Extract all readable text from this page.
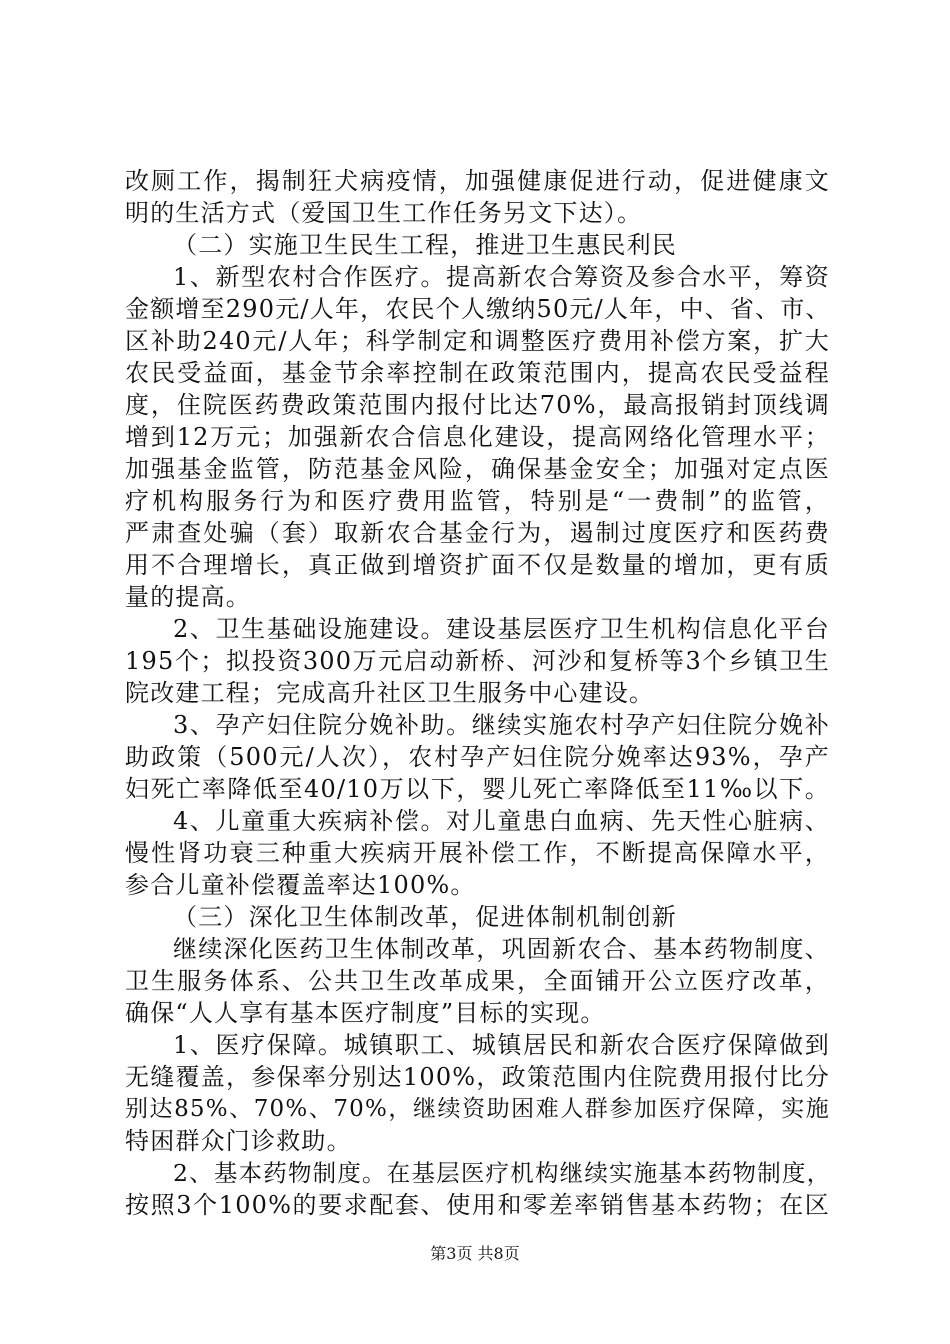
改厕工作，揭制狂犬病疫情，加强健康促进行动，促进健康文
明的生活方式（爱国卫生工作任务另文下达）。
（二）实施卫生民生工程，推进卫生惠民利民
1、新型农村合作医疗。提高新农合筹资及参合水平，筹资
金额增至290元/人年，农民个人缴纳50元/人年，中、省、市、
区补助240元/人年；科学制定和调整医疗费用补偿方案，扩大
农民受益面，基金节余率控制在政策范围内，提高农民受益程
度，住院医药费政策范围内报付比达70%，最高报销封顶线调
增到12万元；加强新农合信息化建设，提高网络化管理水平；
加强基金监管，防范基金风险，确保基金安全；加强对定点医
疗机构服务行为和医疗费用监管，特别是“一费制”的监管，
严肃查处骗（套）取新农合基金行为，遏制过度医疗和医药费
用不合理增长，真正做到增资扩面不仅是数量的增加，更有质
量的提高。
2、卫生基础设施建设。建设基层医疗卫生机构信息化平台
195个；拟投资300万元启动新桥、河沙和复桥等3个乡镇卫生
院改建工程；完成高升社区卫生服务中心建设。
3、孕产妇住院分娩补助。继续实施农村孕产妇住院分娩补
助政策（500元/人次），农村孕产妇住院分娩率达93%，孕产
妇死亡率降低至40/10万以下，婴儿死亡率降低至11‰以下。
4、儿童重大疾病补偿。对儿童患白血病、先天性心脏病、
慢性肾功衰三种重大疾病开展补偿工作，不断提高保障水平，
参合儿童补偿覆盖率达100%。
（三）深化卫生体制改革，促进体制机制创新
继续深化医药卫生体制改革，巩固新农合、基本药物制度、
卫生服务体系、公共卫生改革成果，全面铺开公立医疗改革，
确保“人人享有基本医疗制度”目标的实现。
1、医疗保障。城镇职工、城镇居民和新农合医疗保障做到
无缝覆盖，参保率分别达100%，政策范围内住院费用报付比分
别达85%、70%、70%，继续资助困难人群参加医疗保障，实施
特困群众门诊救助。
2、基本药物制度。在基层医疗机构继续实施基本药物制度，
按照3个100%的要求配套、使用和零差率销售基本药物；在区
第3页 共8页
